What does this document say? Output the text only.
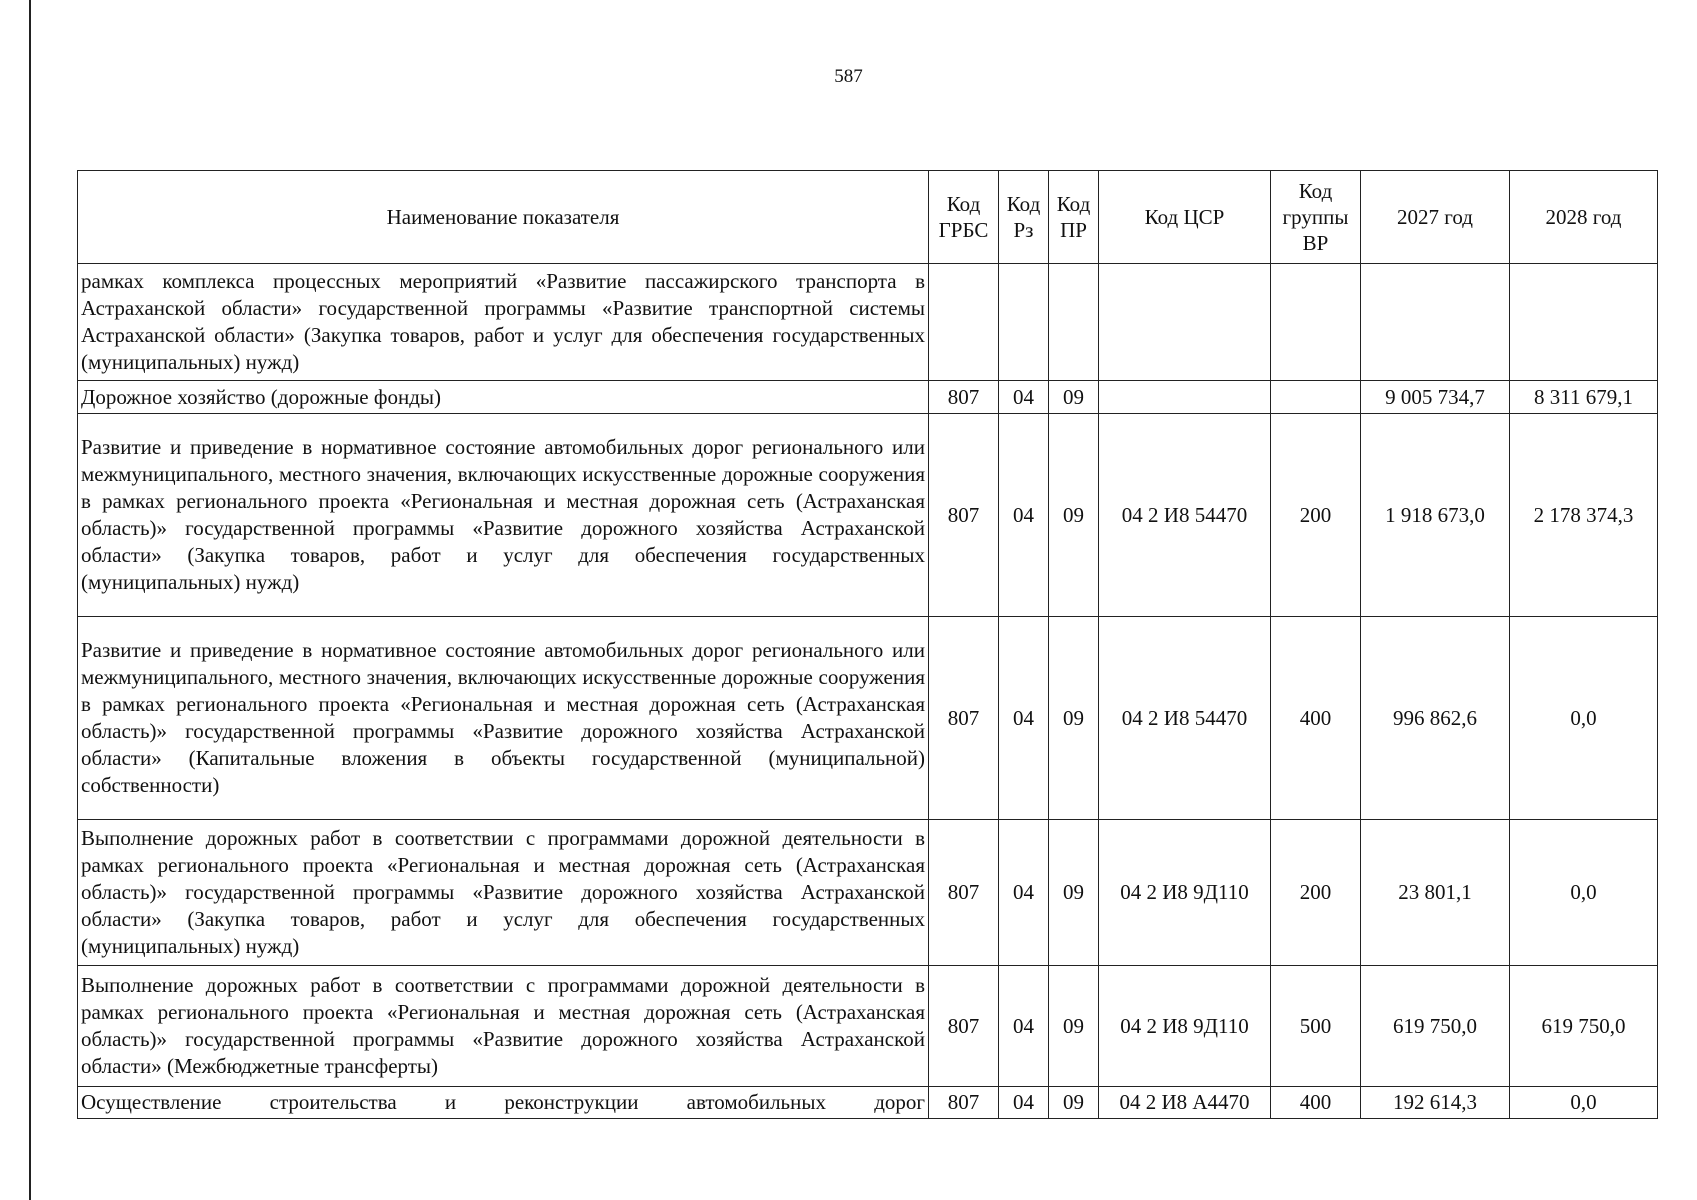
587
Наименование показателя	Код ГРБС	Код Рз	Код ПР	Код ЦСР	Код группы ВР	2027 год	2028 год
рамках комплекса процессных мероприятий «Развитие пассажирского транспорта в Астраханской области» государственной программы «Развитие транспортной системы Астраханской области» (Закупка товаров, работ и услуг для обеспечения государственных (муниципальных) нужд)							
Дорожное хозяйство (дорожные фонды)	807	04	09			9 005 734,7	8 311 679,1
Развитие и приведение в нормативное состояние автомобильных дорог регионального или межмуниципального, местного значения, включающих искусственные дорожные сооружения в рамках регионального проекта «Региональная и местная дорожная сеть (Астраханская область)» государственной программы «Развитие дорожного хозяйства Астраханской области» (Закупка товаров, работ и услуг для обеспечения государственных (муниципальных) нужд)	807	04	09	04 2 И8 54470	200	1 918 673,0	2 178 374,3
Развитие и приведение в нормативное состояние автомобильных дорог регионального или межмуниципального, местного значения, включающих искусственные дорожные сооружения в рамках регионального проекта «Региональная и местная дорожная сеть (Астраханская область)» государственной программы «Развитие дорожного хозяйства Астраханской области» (Капитальные вложения в объекты государственной (муниципальной) собственности)	807	04	09	04 2 И8 54470	400	996 862,6	0,0
Выполнение дорожных работ в соответствии с программами дорожной деятельности в рамках регионального проекта «Региональная и местная дорожная сеть (Астраханская область)» государственной программы «Развитие дорожного хозяйства Астраханской области» (Закупка товаров, работ и услуг для обеспечения государственных (муниципальных) нужд)	807	04	09	04 2 И8 9Д110	200	23 801,1	0,0
Выполнение дорожных работ в соответствии с программами дорожной деятельности в рамках регионального проекта «Региональная и местная дорожная сеть (Астраханская область)» государственной программы «Развитие дорожного хозяйства Астраханской области» (Межбюджетные трансферты)	807	04	09	04 2 И8 9Д110	500	619 750,0	619 750,0
Осуществление строительства и реконструкции автомобильных дорог	807	04	09	04 2 И8 А4470	400	192 614,3	0,0
